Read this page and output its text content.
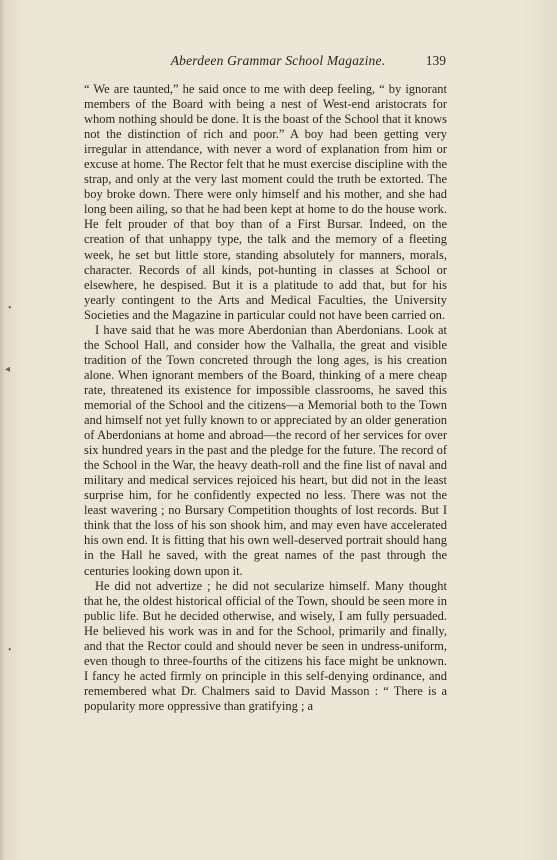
Aberdeen Grammar School Magazine.	139

“ We are taunted,” he said once to me with deep feeling, “ by ignorant members of the Board with being a nest of West-end aristocrats for whom nothing should be done. It is the boast of the School that it knows not the distinction of rich and poor.” A boy had been getting very irregular in attendance, with never a word of explanation from him or excuse at home. The Rector felt that he must exercise discipline with the strap, and only at the very last moment could the truth be extorted. The boy broke down. There were only himself and his mother, and she had long been ailing, so that he had been kept at home to do the house work. He felt prouder of that boy than of a First Bursar. Indeed, on the creation of that unhappy type, the talk and the memory of a fleeting week, he set but little store, standing absolutely for manners, morals, character. Records of all kinds, pot-hunting in classes at School or elsewhere, he despised. But it is a platitude to add that, but for his yearly contingent to the Arts and Medical Faculties, the University Societies and the Magazine in particular could not have been carried on.

I have said that he was more Aberdonian than Aberdonians. Look at the School Hall, and consider how the Valhalla, the great and visible tradition of the Town concreted through the long ages, is his creation alone. When ignorant members of the Board, thinking of a mere cheap rate, threatened its existence for impossible classrooms, he saved this memorial of the School and the citizens—a Memorial both to the Town and himself not yet fully known to or appreciated by an older generation of Aberdonians at home and abroad—the record of her services for over six hundred years in the past and the pledge for the future. The record of the School in the War, the heavy death-roll and the fine list of naval and military and medical services rejoiced his heart, but did not in the least surprise him, for he confidently expected no less. There was not the least wavering ; no Bursary Competition thoughts of lost records. But I think that the loss of his son shook him, and may even have accelerated his own end. It is fitting that his own well-deserved portrait should hang in the Hall he saved, with the great names of the past through the centuries looking down upon it.

He did not advertize ; he did not secularize himself. Many thought that he, the oldest historical official of the Town, should be seen more in public life. But he decided otherwise, and wisely, I am fully persuaded. He believed his work was in and for the School, primarily and finally, and that the Rector could and should never be seen in undress-uniform, even though to three-fourths of the citizens his face might be unknown. I fancy he acted firmly on principle in this self-denying ordinance, and remembered what Dr. Chalmers said to David Masson : “ There is a popularity more oppressive than gratifying ; a

•
◂
•
